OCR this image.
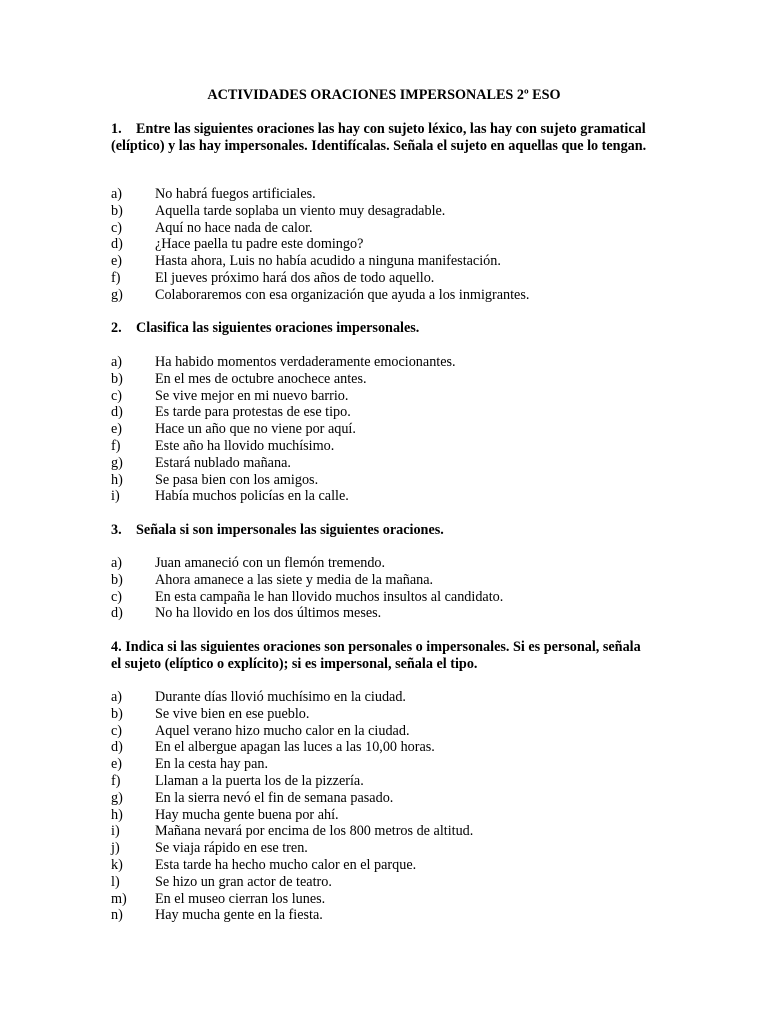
ACTIVIDADES ORACIONES IMPERSONALES 2º ESO
1. Entre las siguientes oraciones las hay con sujeto léxico, las hay con sujeto gramatical (elíptico) y las hay impersonales. Identifícalas. Señala el sujeto en aquellas que lo tengan.
a) No habrá fuegos artificiales.
b) Aquella tarde soplaba un viento muy desagradable.
c) Aquí no hace nada de calor.
d) ¿Hace paella tu padre este domingo?
e) Hasta ahora, Luis no había acudido a ninguna manifestación.
f) El jueves próximo hará dos años de todo aquello.
g) Colaboraremos con esa organización que ayuda a los inmigrantes.
2. Clasifica las siguientes oraciones impersonales.
a) Ha habido momentos verdaderamente emocionantes.
b) En el mes de octubre anochece antes.
c) Se vive mejor en mi nuevo barrio.
d) Es tarde para protestas de ese tipo.
e) Hace un año que no viene por aquí.
f) Este año ha llovido muchísimo.
g) Estará nublado mañana.
h) Se pasa bien con los amigos.
i) Había muchos policías en la calle.
3. Señala si son impersonales las siguientes oraciones.
a) Juan amaneció con un flemón tremendo.
b) Ahora amanece a las siete y media de la mañana.
c) En esta campaña le han llovido muchos insultos al candidato.
d) No ha llovido en los dos últimos meses.
4. Indica si las siguientes oraciones son personales o impersonales. Si es personal, señala el sujeto (elíptico o explícito); si es impersonal, señala el tipo.
a) Durante días llovió muchísimo en la ciudad.
b) Se vive bien en ese pueblo.
c) Aquel verano hizo mucho calor en la ciudad.
d) En el albergue apagan las luces a las 10,00 horas.
e) En la cesta hay pan.
f) Llaman a la puerta los de la pizzería.
g) En la sierra nevó el fin de semana pasado.
h) Hay mucha gente buena por ahí.
i) Mañana nevará por encima de los 800 metros de altitud.
j) Se viaja rápido en ese tren.
k) Esta tarde ha hecho mucho calor en el parque.
l) Se hizo un gran actor de teatro.
m) En el museo cierran los lunes.
n) Hay mucha gente en la fiesta.
